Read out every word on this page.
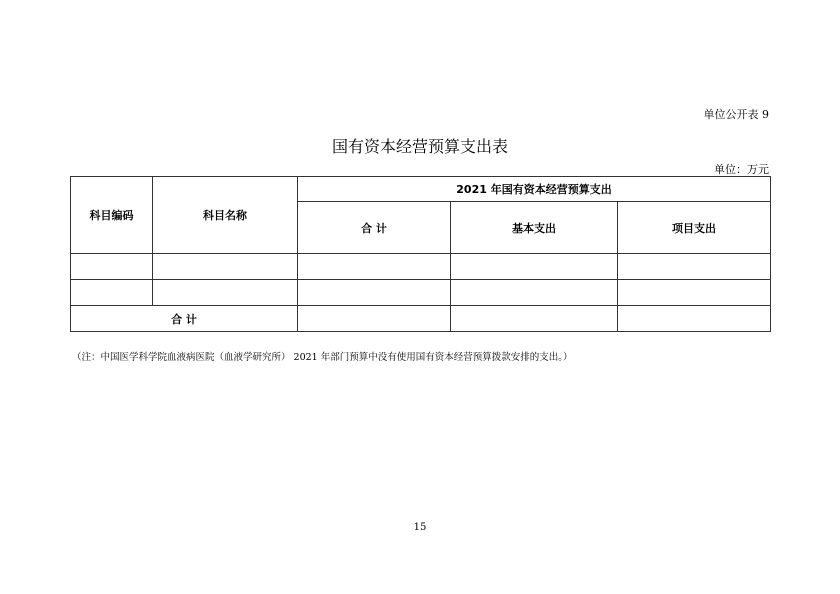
单位公开表 9
国有资本经营预算支出表
单位：万元
科目编码	科目名称	2021 年国有资本经营预算支出		
		合 计	基本支出	项目支出

合 计				
（注：中国医学科学院血液病医院（血液学研究所） 2021 年部门预算中没有使用国有资本经营预算拨款安排的支出。）
15
